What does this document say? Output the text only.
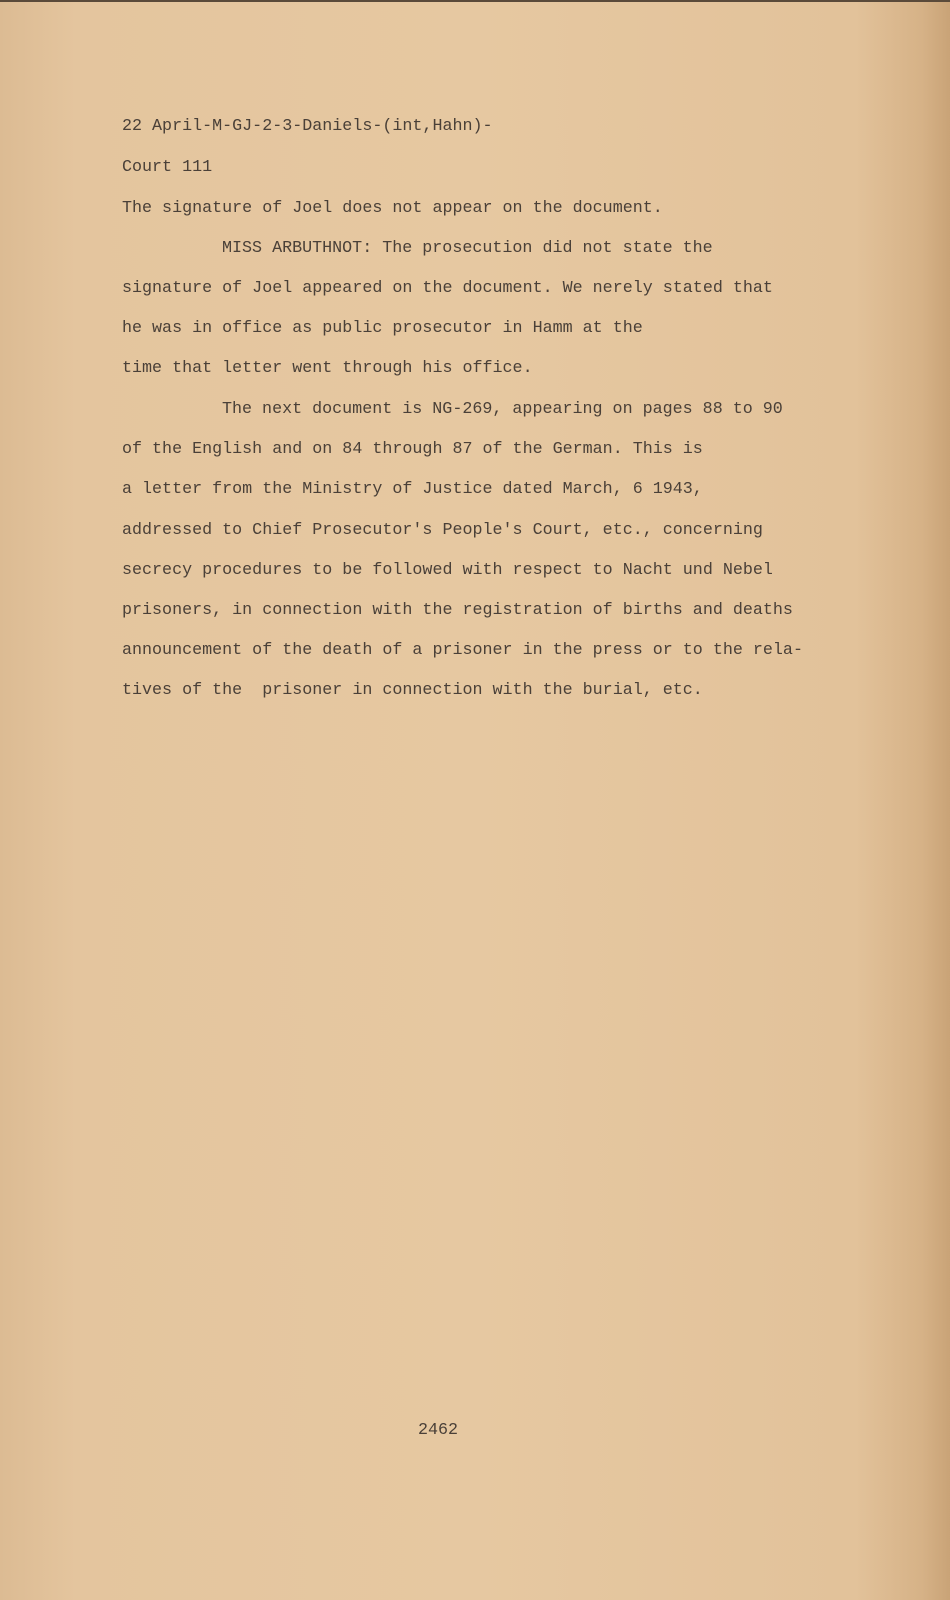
22 April-M-GJ-2-3-Daniels-(int,Hahn)-
Court 111
The signature of Joel does not appear on the document.
MISS ARBUTHNOT: The prosecution did not state the
signature of Joel appeared on the document. We nerely stated that
he was in office as public prosecutor in Hamm at the
time that letter went through his office.
The next document is NG-269, appearing on pages 88 to 90
of the English and on 84 through 87 of the German. This is
a letter from the Ministry of Justice dated March, 6 1943,
addressed to Chief Prosecutor's People's Court, etc., concerning
secrecy procedures to be followed with respect to Nacht und Nebel
prisoners, in connection with the registration of births and deaths
announcement of the death of a prisoner in the press or to the rela-
tives of the  prisoner in connection with the burial, etc.
2462
